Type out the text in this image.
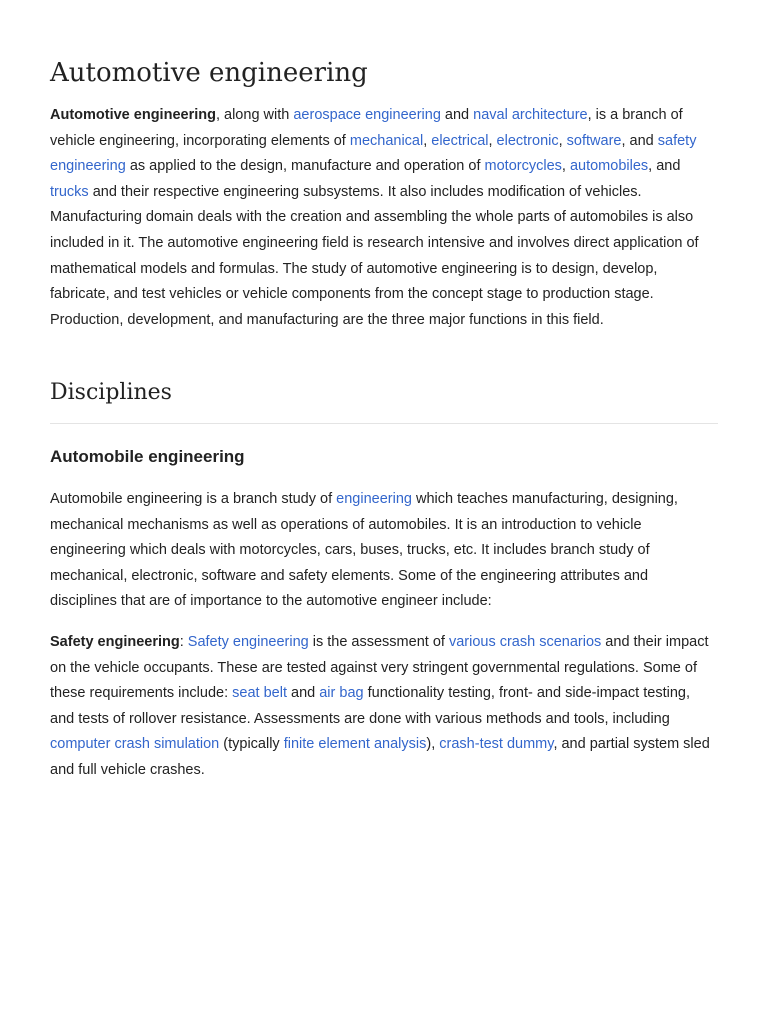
Automotive engineering

Automotive engineering, along with aerospace engineering and naval architecture, is a branch of vehicle engineering, incorporating elements of mechanical, electrical, electronic, software, and safety engineering as applied to the design, manufacture and operation of motorcycles, automobiles, and trucks and their respective engineering subsystems. It also includes modification of vehicles. Manufacturing domain deals with the creation and assembling the whole parts of automobiles is also included in it. The automotive engineering field is research intensive and involves direct application of mathematical models and formulas. The study of automotive engineering is to design, develop, fabricate, and test vehicles or vehicle components from the concept stage to production stage. Production, development, and manufacturing are the three major functions in this field.

Disciplines
Automobile engineering

Automobile engineering is a branch study of engineering which teaches manufacturing, designing, mechanical mechanisms as well as operations of automobiles. It is an introduction to vehicle engineering which deals with motorcycles, cars, buses, trucks, etc. It includes branch study of mechanical, electronic, software and safety elements. Some of the engineering attributes and disciplines that are of importance to the automotive engineer include:

Safety engineering: Safety engineering is the assessment of various crash scenarios and their impact on the vehicle occupants. These are tested against very stringent governmental regulations. Some of these requirements include: seat belt and air bag functionality testing, front- and side-impact testing, and tests of rollover resistance. Assessments are done with various methods and tools, including computer crash simulation (typically finite element analysis), crash-test dummy, and partial system sled and full vehicle crashes.
